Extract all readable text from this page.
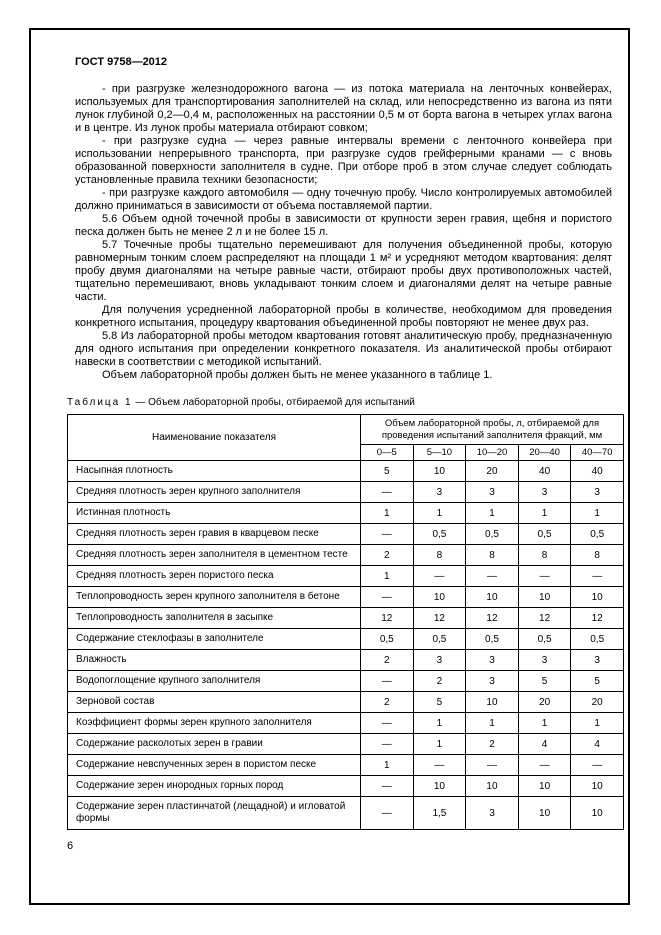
ГОСТ 9758—2012

- при разгрузке железнодорожного вагона — из потока материала на ленточных конвейерах, используемых для транспортирования заполнителей на склад, или непосредственно из вагона из пяти лунок глубиной 0,2—0,4 м, расположенных на расстоянии 0,5 м от борта вагона в четырех углах вагона и в центре. Из лунок пробы материала отбирают совком;

- при разгрузке судна — через равные интервалы времени с ленточного конвейера при использовании непрерывного транспорта, при разгрузке судов грейферными кранами — с вновь образованной поверхности заполнителя в судне. При отборе проб в этом случае следует соблюдать установленные правила техники безопасности;

- при разгрузке каждого автомобиля — одну точечную пробу. Число контролируемых автомобилей должно приниматься в зависимости от объема поставляемой партии.

5.6 Объем одной точечной пробы в зависимости от крупности зерен гравия, щебня и пористого песка должен быть не менее 2 л и не более 15 л.

5.7 Точечные пробы тщательно перемешивают для получения объединенной пробы, которую равномерным тонким слоем распределяют на площади 1 м² и усредняют методом квартования: делят пробу двумя диагоналями на четыре равные части, отбирают пробы двух противоположных частей, тщательно перемешивают, вновь укладывают тонким слоем и диагоналями делят на четыре равные части.

Для получения усредненной лабораторной пробы в количестве, необходимом для проведения конкретного испытания, процедуру квартования объединенной пробы повторяют не менее двух раз.

5.8 Из лабораторной пробы методом квартования готовят аналитическую пробу, предназначенную для одного испытания при определении конкретного показателя. Из аналитической пробы отбирают навески в соответствии с методикой испытаний.

Объем лабораторной пробы должен быть не менее указанного в таблице 1.

Таблица 1 — Объем лабораторной пробы, отбираемой для испытаний
Наименование показателя	Объем лабораторной пробы, л, отбираемой для проведения испытаний заполнителя фракций, мм				
	0—5	5—10	10—20	20—40	40—70
Насыпная плотность	5	10	20	40	40
Средняя плотность зерен крупного заполнителя	—	3	3	3	3
Истинная плотность	1	1	1	1	1
Средняя плотность зерен гравия в кварцевом песке	—	0,5	0,5	0,5	0,5
Средняя плотность зерен заполнителя в цементном тесте	2	8	8	8	8
Средняя плотность зерен пористого песка	1	—	—	—	—
Теплопроводность зерен крупного заполнителя в бетоне	—	10	10	10	10
Теплопроводность заполнителя в засыпке	12	12	12	12	12
Содержание стеклофазы в заполнителе	0,5	0,5	0,5	0,5	0,5
Влажность	2	3	3	3	3
Водопоглощение крупного заполнителя	—	2	3	5	5
Зерновой состав	2	5	10	20	20
Коэффициент формы зерен крупного заполнителя	—	1	1	1	1
Содержание расколотых зерен в гравии	—	1	2	4	4
Содержание невспученных зерен в пористом песке	1	—	—	—	—
Содержание зерен инородных горных пород	—	10	10	10	10
Содержание зерен пластинчатой (лещадной) и игловатой формы	—	1,5	3	10	10
6
